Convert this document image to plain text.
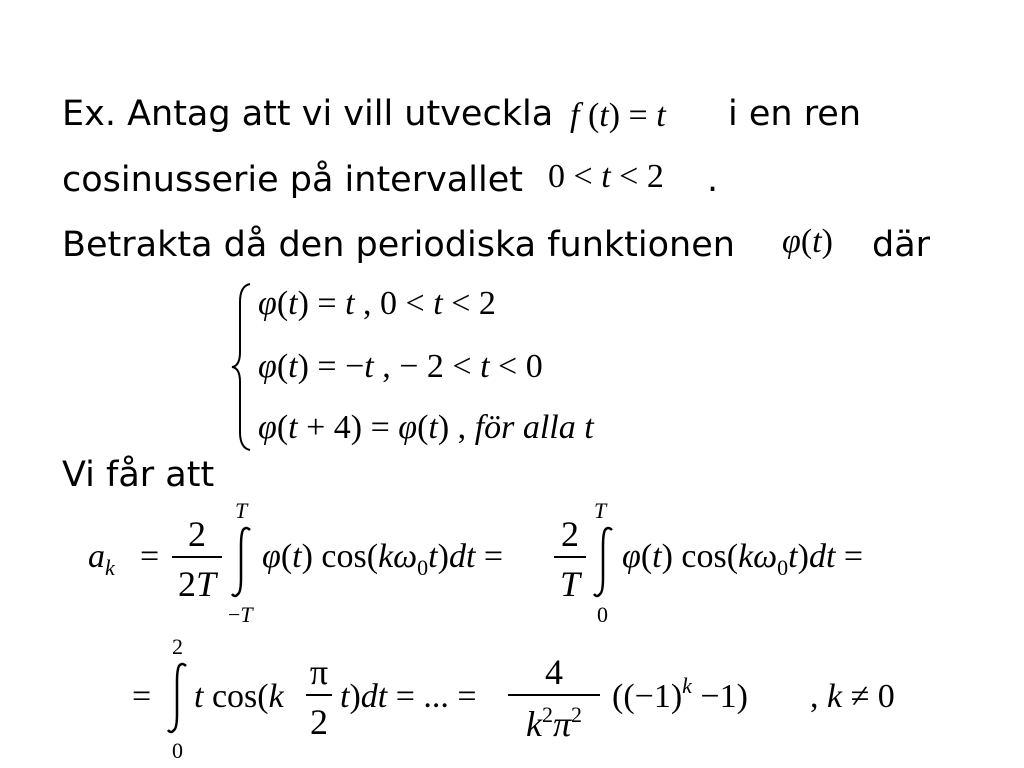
Ex. Antag att vi vill utveckla f (t) = t i en ren
cosinusserie på intervallet 0 < t < 2 .
Betrakta då den periodiska funktionen φ(t) där
φ(t) = t , 0 < t < 2
φ(t) = −t , − 2 < t < 0
φ(t + 4) = φ(t) , för alla t
Vi får att
$a_k$ =
2
2T
T
−T
φ(t) $\cos(k\omega_0t)dt$ =
2
T
T
0
φ(t) $\cos(k\omega_0t)dt$ =
=
2
0
t cos(k
π
2
t)dt = ... =
4
$k^2\pi^2$ $((-1)^k -1)$ , k ≠ 0
